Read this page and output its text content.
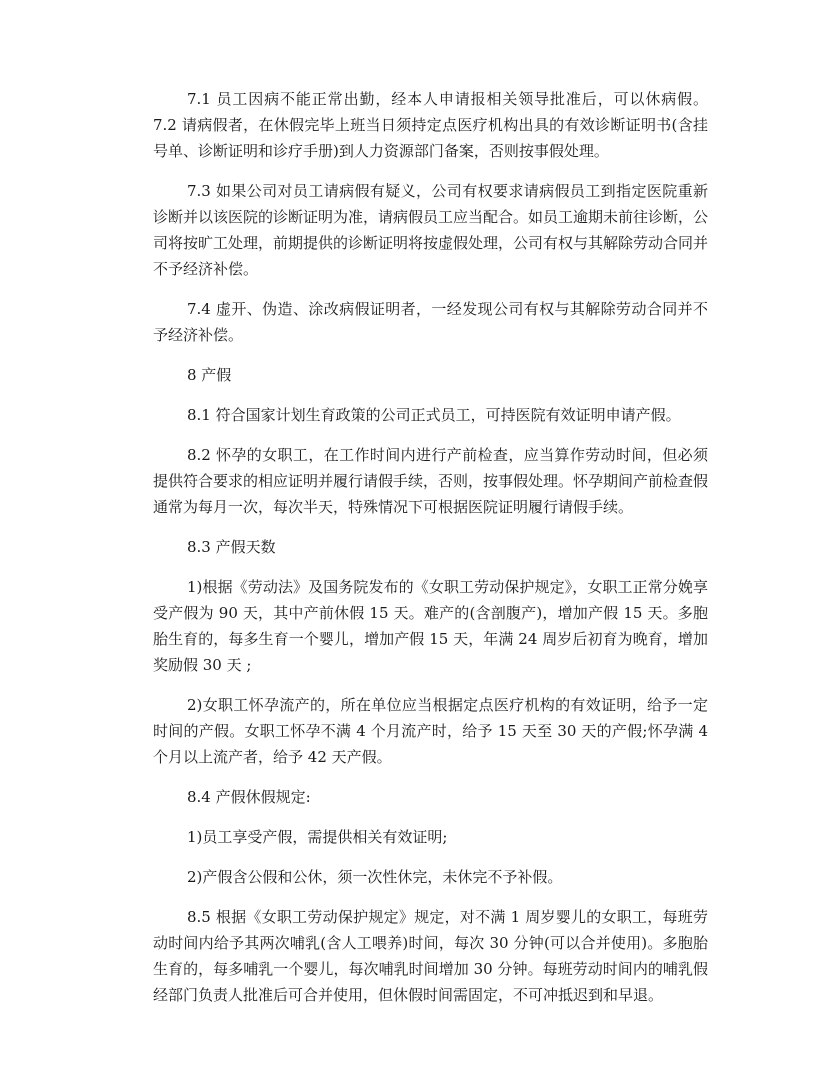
7.1 员工因病不能正常出勤，经本人申请报相关领导批准后，可以休病假。 7.2 请病假者，在休假完毕上班当日须持定点医疗机构出具的有效诊断证明书(含挂号单、诊断证明和诊疗手册)到人力资源部门备案，否则按事假处理。

7.3 如果公司对员工请病假有疑义，公司有权要求请病假员工到指定医院重新诊断并以该医院的诊断证明为准，请病假员工应当配合。如员工逾期未前往诊断，公司将按旷工处理，前期提供的诊断证明将按虚假处理，公司有权与其解除劳动合同并不予经济补偿。

7.4 虚开、伪造、涂改病假证明者，一经发现公司有权与其解除劳动合同并不予经济补偿。

8 产假

8.1 符合国家计划生育政策的公司正式员工，可持医院有效证明申请产假。

8.2 怀孕的女职工，在工作时间内进行产前检查，应当算作劳动时间，但必须提供符合要求的相应证明并履行请假手续，否则，按事假处理。怀孕期间产前检查假通常为每月一次，每次半天，特殊情况下可根据医院证明履行请假手续。

8.3 产假天数

1)根据《劳动法》及国务院发布的《女职工劳动保护规定》，女职工正常分娩享受产假为 90 天，其中产前休假 15 天。难产的(含剖腹产)，增加产假 15 天。多胞胎生育的，每多生育一个婴儿，增加产假 15 天，年满 24 周岁后初育为晚育，增加奖励假 30 天 ;

2)女职工怀孕流产的，所在单位应当根据定点医疗机构的有效证明，给予一定时间的产假。女职工怀孕不满 4 个月流产时，给予 15 天至 30 天的产假;怀孕满 4 个月以上流产者，给予 42 天产假。

8.4 产假休假规定:

1)员工享受产假，需提供相关有效证明;

2)产假含公假和公休，须一次性休完，未休完不予补假。

8.5 根据《女职工劳动保护规定》规定，对不满 1 周岁婴儿的女职工，每班劳动时间内给予其两次哺乳(含人工喂养)时间，每次 30 分钟(可以合并使用)。多胞胎生育的，每多哺乳一个婴儿，每次哺乳时间增加 30 分钟。每班劳动时间内的哺乳假经部门负责人批准后可合并使用，但休假时间需固定，不可冲抵迟到和早退。
